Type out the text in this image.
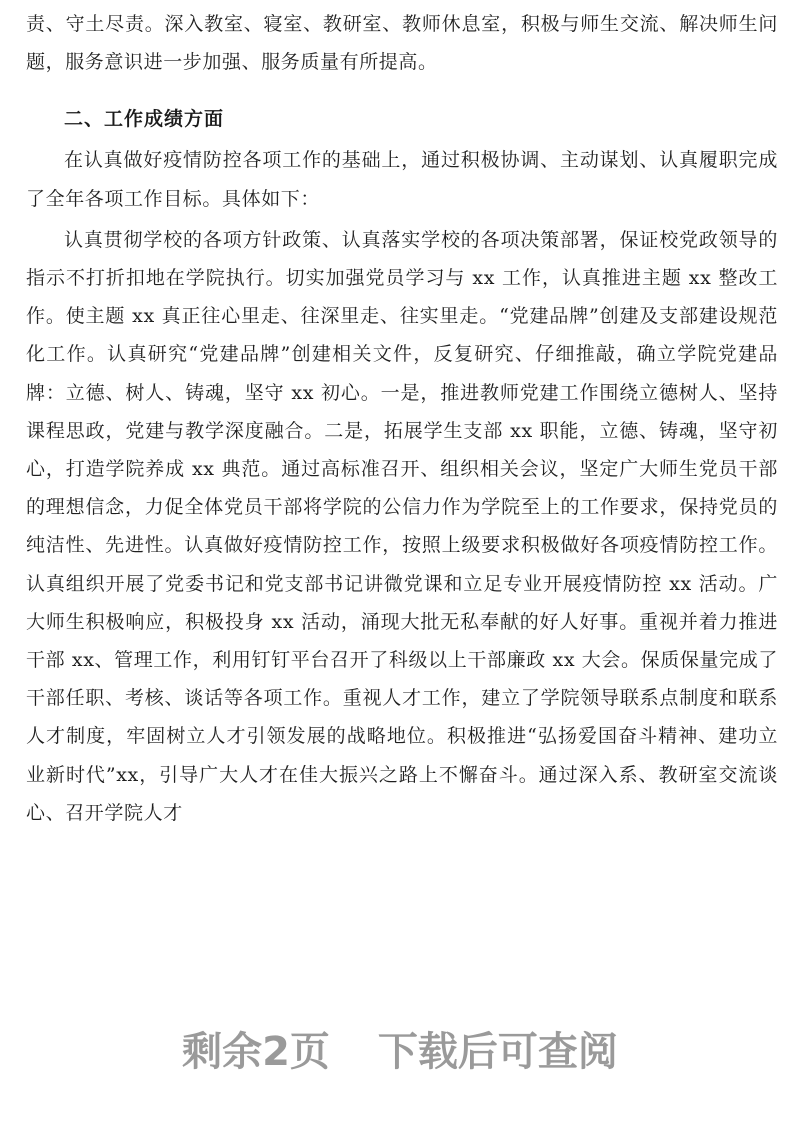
责、守土尽责。深入教室、寝室、教研室、教师休息室，积极与师生交流、解决师生问题，服务意识进一步加强、服务质量有所提高。

二、工作成绩方面

在认真做好疫情防控各项工作的基础上，通过积极协调、主动谋划、认真履职完成了全年各项工作目标。具体如下：

认真贯彻学校的各项方针政策、认真落实学校的各项决策部署，保证校党政领导的指示不打折扣地在学院执行。切实加强党员学习与 xx 工作，认真推进主题 xx 整改工作。使主题 xx 真正往心里走、往深里走、往实里走。“党建品牌”创建及支部建设规范化工作。认真研究“党建品牌”创建相关文件，反复研究、仔细推敲，确立学院党建品牌：立德、树人、铸魂，坚守 xx 初心。一是，推进教师党建工作围绕立德树人、坚持课程思政，党建与教学深度融合。二是，拓展学生支部 xx 职能，立德、铸魂，坚守初心，打造学院养成 xx 典范。通过高标准召开、组织相关会议，坚定广大师生党员干部的理想信念，力促全体党员干部将学院的公信力作为学院至上的工作要求，保持党员的纯洁性、先进性。认真做好疫情防控工作，按照上级要求积极做好各项疫情防控工作。认真组织开展了党委书记和党支部书记讲微党课和立足专业开展疫情防控 xx 活动。广大师生积极响应，积极投身 xx 活动，涌现大批无私奉献的好人好事。重视并着力推进干部 xx、管理工作，利用钉钉平台召开了科级以上干部廉政 xx 大会。保质保量完成了干部任职、考核、谈话等各项工作。重视人才工作，建立了学院领导联系点制度和联系人才制度，牢固树立人才引领发展的战略地位。积极推进“弘扬爱国奋斗精神、建功立业新时代”xx，引导广大人才在佳大振兴之路上不懈奋斗。通过深入系、教研室交流谈心、召开学院人才

剩余2页 下载后可查阅
